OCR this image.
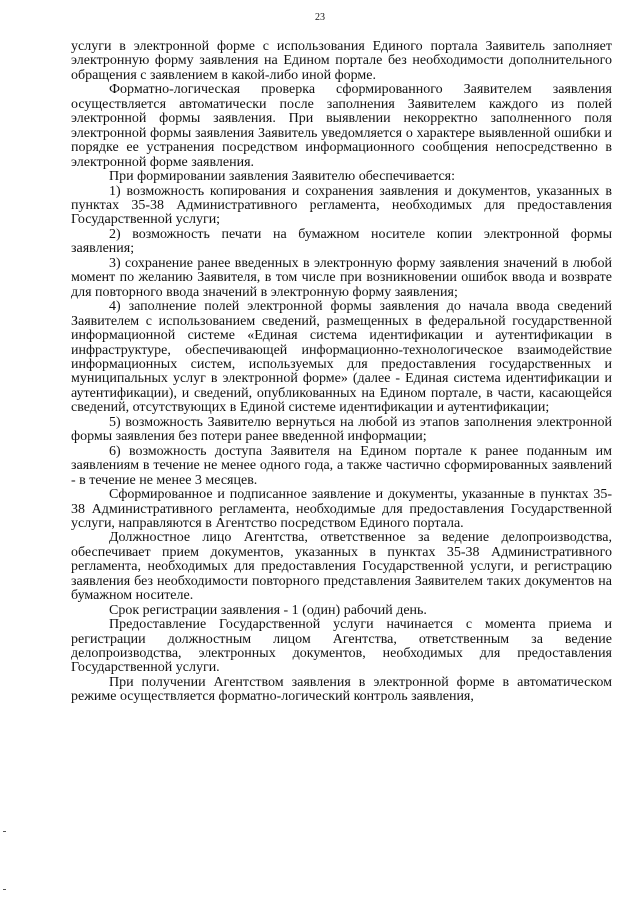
23

услуги в электронной форме с использования Единого портала Заявитель заполняет электронную форму заявления на Едином портале без необходимости дополнительного обращения с заявлением в какой-либо иной форме.

Форматно-логическая проверка сформированного Заявителем заявления осуществляется автоматически после заполнения Заявителем каждого из полей электронной формы заявления. При выявлении некорректно заполненного поля электронной формы заявления Заявитель уведомляется о характере выявленной ошибки и порядке ее устранения посредством информационного сообщения непосредственно в электронной форме заявления.

При формировании заявления Заявителю обеспечивается:

1) возможность копирования и сохранения заявления и документов, указанных в пунктах 35-38 Административного регламента, необходимых для предоставления Государственной услуги;

2) возможность печати на бумажном носителе копии электронной формы заявления;

3) сохранение ранее введенных в электронную форму заявления значений в любой момент по желанию Заявителя, в том числе при возникновении ошибок ввода и возврате для повторного ввода значений в электронную форму заявления;

4) заполнение полей электронной формы заявления до начала ввода сведений Заявителем с использованием сведений, размещенных в федеральной государственной информационной системе «Единая система идентификации и аутентификации в инфраструктуре, обеспечивающей информационно-технологическое взаимодействие информационных систем, используемых для предоставления государственных и муниципальных услуг в электронной форме» (далее - Единая система идентификации и аутентификации), и сведений, опубликованных на Едином портале, в части, касающейся сведений, отсутствующих в Единой системе идентификации и аутентификации;

5) возможность Заявителю вернуться на любой из этапов заполнения электронной формы заявления без потери ранее введенной информации;

6) возможность доступа Заявителя на Едином портале к ранее поданным им заявлениям в течение не менее одного года, а также частично сформированных заявлений - в течение не менее 3 месяцев.

Сформированное и подписанное заявление и документы, указанные в пунктах 35-38 Административного регламента, необходимые для предоставления Государственной услуги, направляются в Агентство посредством Единого портала.

Должностное лицо Агентства, ответственное за ведение делопроизводства, обеспечивает прием документов, указанных в пунктах 35-38 Административного регламента, необходимых для предоставления Государственной услуги, и регистрацию заявления без необходимости повторного представления Заявителем таких документов на бумажном носителе.

Срок регистрации заявления - 1 (один) рабочий день.

Предоставление Государственной услуги начинается с момента приема и регистрации должностным лицом Агентства, ответственным за ведение делопроизводства, электронных документов, необходимых для предоставления Государственной услуги.

При получении Агентством заявления в электронной форме в автоматическом режиме осуществляется форматно-логический контроль заявления,
